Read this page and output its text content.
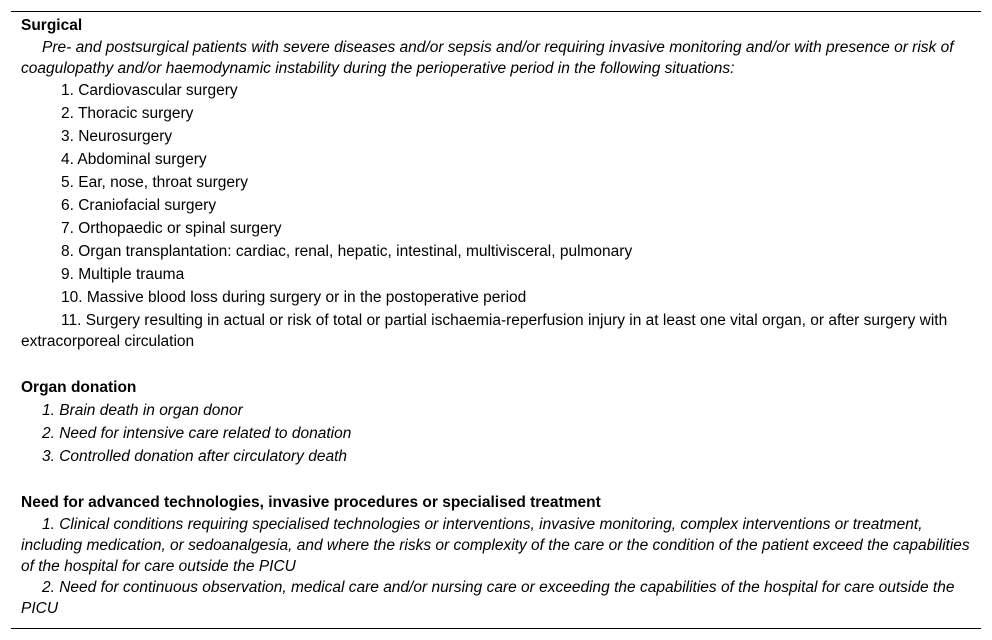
Surgical

Pre- and postsurgical patients with severe diseases and/or sepsis and/or requiring invasive monitoring and/or with presence or risk of coagulopathy and/or haemodynamic instability during the perioperative period in the following situations:

1. Cardiovascular surgery
2. Thoracic surgery
3. Neurosurgery
4. Abdominal surgery
5. Ear, nose, throat surgery
6. Craniofacial surgery
7. Orthopaedic or spinal surgery
8. Organ transplantation: cardiac, renal, hepatic, intestinal, multivisceral, pulmonary
9. Multiple trauma
10. Massive blood loss during surgery or in the postoperative period
11. Surgery resulting in actual or risk of total or partial ischaemia-reperfusion injury in at least one vital organ, or after surgery with extracorporeal circulation
Organ donation
1. Brain death in organ donor
2. Need for intensive care related to donation
3. Controlled donation after circulatory death
Need for advanced technologies, invasive procedures or specialised treatment

1. Clinical conditions requiring specialised technologies or interventions, invasive monitoring, complex interventions or treatment, including medication, or sedoanalgesia, and where the risks or complexity of the care or the condition of the patient exceed the capabilities of the hospital for care outside the PICU

2. Need for continuous observation, medical care and/or nursing care or exceeding the capabilities of the hospital for care outside the PICU
